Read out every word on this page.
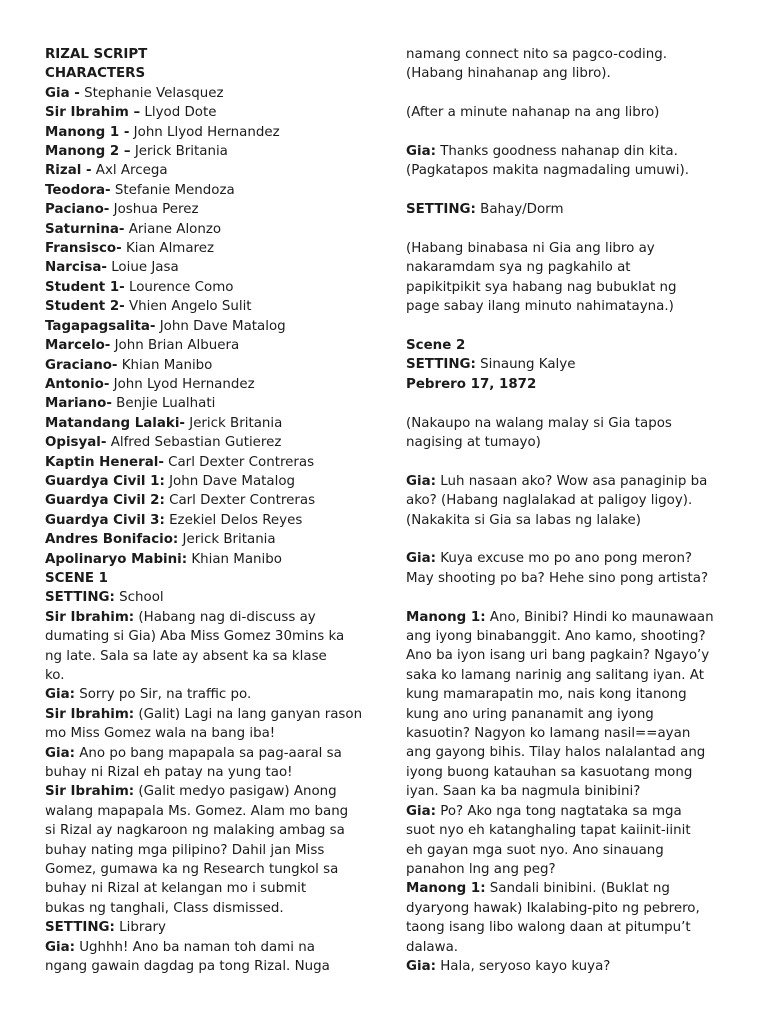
RIZAL SCRIPT
CHARACTERS
Gia - Stephanie Velasquez
Sir Ibrahim – Llyod Dote
Manong 1 - John Llyod Hernandez
Manong 2 – Jerick Britania
Rizal - Axl Arcega
Teodora- Stefanie Mendoza
Paciano- Joshua Perez
Saturnina- Ariane Alonzo
Fransisco- Kian Almarez
Narcisa- Loiue Jasa
Student 1- Lourence Como
Student 2- Vhien Angelo Sulit
Tagapagsalita- John Dave Matalog
Marcelo- John Brian Albuera
Graciano- Khian Manibo
Antonio- John Lyod Hernandez
Mariano- Benjie Lualhati
Matandang Lalaki- Jerick Britania
Opisyal- Alfred Sebastian Gutierez
Kaptin Heneral- Carl Dexter Contreras
Guardya Civil 1: John Dave Matalog
Guardya Civil 2: Carl Dexter Contreras
Guardya Civil 3: Ezekiel Delos Reyes
Andres Bonifacio: Jerick Britania
Apolinaryo Mabini: Khian Manibo
SCENE 1
SETTING: School
Sir Ibrahim: (Habang nag di-discuss ay
dumating si Gia) Aba Miss Gomez 30mins ka
ng late. Sala sa late ay absent ka sa klase
ko.
Gia: Sorry po Sir, na traffic po.
Sir Ibrahim: (Galit) Lagi na lang ganyan rason
mo Miss Gomez wala na bang iba!
Gia: Ano po bang mapapala sa pag-aaral sa
buhay ni Rizal eh patay na yung tao!
Sir Ibrahim: (Galit medyo pasigaw) Anong
walang mapapala Ms. Gomez. Alam mo bang
si Rizal ay nagkaroon ng malaking ambag sa
buhay nating mga pilipino? Dahil jan Miss
Gomez, gumawa ka ng Research tungkol sa
buhay ni Rizal at kelangan mo i submit
bukas ng tanghali, Class dismissed.
SETTING: Library
Gia: Ughhh! Ano ba naman toh dami na
ngang gawain dagdag pa tong Rizal. Nuga
namang connect nito sa pagco-coding.
(Habang hinahanap ang libro).
(After a minute nahanap na ang libro)
Gia: Thanks goodness nahanap din kita.
(Pagkatapos makita nagmadaling umuwi).
SETTING: Bahay/Dorm
(Habang binabasa ni Gia ang libro ay
nakaramdam sya ng pagkahilo at
papikitpikit sya habang nag bubuklat ng
page sabay ilang minuto nahimatayna.)
Scene 2
SETTING: Sinaung Kalye
Pebrero 17, 1872
(Nakaupo na walang malay si Gia tapos
nagising at tumayo)
Gia: Luh nasaan ako? Wow asa panaginip ba
ako? (Habang naglalakad at paligoy ligoy).
(Nakakita si Gia sa labas ng lalake)
Gia: Kuya excuse mo po ano pong meron?
May shooting po ba? Hehe sino pong artista?
Manong 1: Ano, Binibi? Hindi ko maunawaan
ang iyong binabanggit. Ano kamo, shooting?
Ano ba iyon isang uri bang pagkain? Ngayo’y
saka ko lamang narinig ang salitang iyan. At
kung mamarapatin mo, nais kong itanong
kung ano uring pananamit ang iyong
kasuotin? Nagyon ko lamang nasil==ayan
ang gayong bihis. Tilay halos nalalantad ang
iyong buong katauhan sa kasuotang mong
iyan. Saan ka ba nagmula binibini?
Gia: Po? Ako nga tong nagtataka sa mga
suot nyo eh katanghaling tapat kaiinit-iinit
eh gayan mga suot nyo. Ano sinauang
panahon lng ang peg?
Manong 1: Sandali binibini. (Buklat ng
dyaryong hawak) Ikalabing-pito ng pebrero,
taong isang libo walong daan at pitumpu’t
dalawa.
Gia: Hala, seryoso kayo kuya?
